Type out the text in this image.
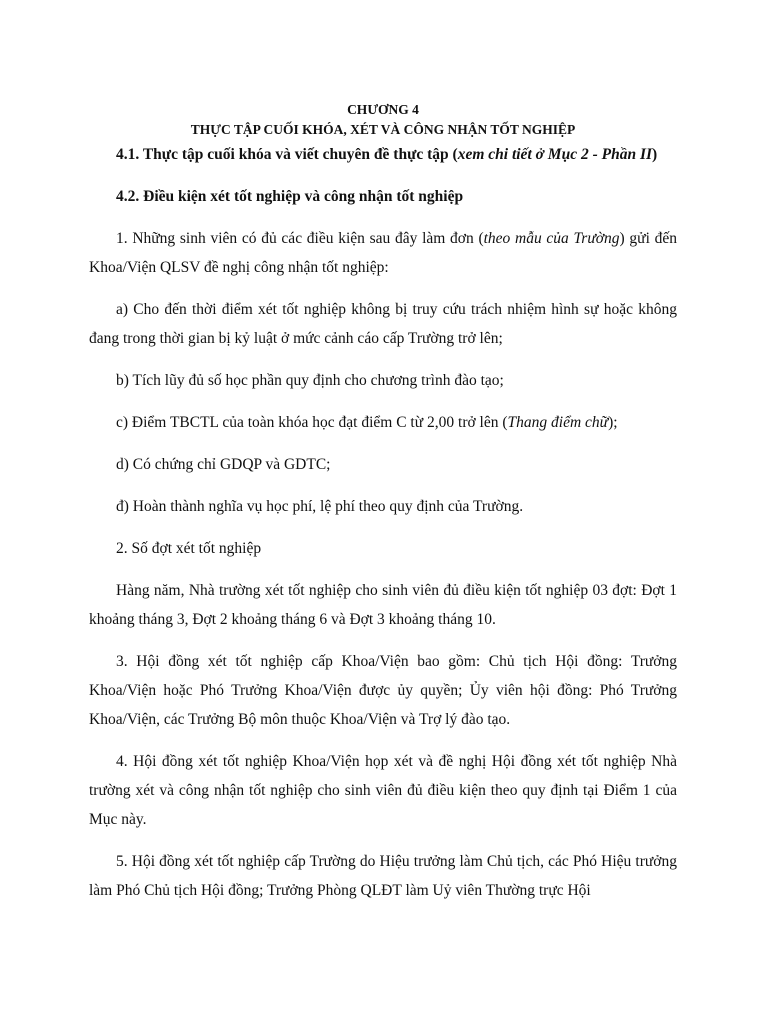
CHƯƠNG 4
THỰC TẬP CUỐI KHÓA, XÉT VÀ CÔNG NHẬN TỐT NGHIỆP
4.1. Thực tập cuối khóa và viết chuyên đề thực tập (xem chi tiết ở Mục 2 - Phần II)
4.2. Điều kiện xét tốt nghiệp và công nhận tốt nghiệp
1. Những sinh viên có đủ các điều kiện sau đây làm đơn (theo mẫu của Trường) gửi đến Khoa/Viện QLSV đề nghị công nhận tốt nghiệp:
a) Cho đến thời điểm xét tốt nghiệp không bị truy cứu trách nhiệm hình sự hoặc không đang trong thời gian bị kỷ luật ở mức cảnh cáo cấp Trường trở lên;
b) Tích lũy đủ số học phần quy định cho chương trình đào tạo;
c) Điểm TBCTL của toàn khóa học đạt điểm C từ 2,00 trở lên (Thang điểm chữ);
d) Có chứng chỉ GDQP và GDTC;
đ) Hoàn thành nghĩa vụ học phí, lệ phí theo quy định của Trường.
2. Số đợt xét tốt nghiệp
Hàng năm, Nhà trường xét tốt nghiệp cho sinh viên đủ điều kiện tốt nghiệp 03 đợt: Đợt 1 khoảng tháng 3, Đợt 2 khoảng tháng 6 và Đợt 3 khoảng tháng 10.
3. Hội đồng xét tốt nghiệp cấp Khoa/Viện bao gồm: Chủ tịch Hội đồng: Trưởng Khoa/Viện hoặc Phó Trưởng Khoa/Viện được ủy quyền; Ủy viên hội đồng: Phó Trưởng Khoa/Viện, các Trưởng Bộ môn thuộc Khoa/Viện và Trợ lý đào tạo.
4. Hội đồng xét tốt nghiệp Khoa/Viện họp xét và đề nghị Hội đồng xét tốt nghiệp Nhà trường xét và công nhận tốt nghiệp cho sinh viên đủ điều kiện theo quy định tại Điểm 1 của Mục này.
5. Hội đồng xét tốt nghiệp cấp Trường do Hiệu trưởng làm Chủ tịch, các Phó Hiệu trưởng làm Phó Chủ tịch Hội đồng; Trưởng Phòng QLĐT làm Uỷ viên Thường trực Hội
